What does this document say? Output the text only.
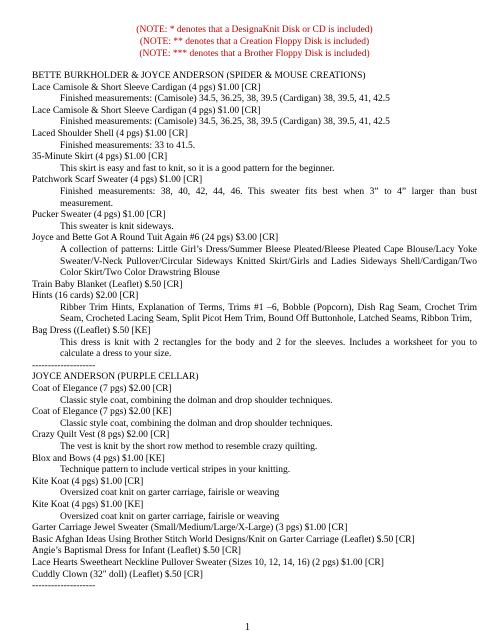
(NOTE: * denotes that a DesignaKnit Disk or CD is included)
(NOTE: ** denotes that a Creation Floppy Disk is included)
(NOTE: *** denotes that a Brother Floppy Disk is included)
BETTE BURKHOLDER & JOYCE ANDERSON (SPIDER & MOUSE CREATIONS)
Lace Camisole & Short Sleeve Cardigan (4 pgs) $1.00 [CR]
Finished measurements: (Camisole) 34.5, 36.25, 38, 39.5 (Cardigan) 38, 39.5, 41, 42.5
Lace Camisole & Short Sleeve Cardigan (4 pgs) $1.00 [CR]
Finished measurements: (Camisole) 34.5, 36.25, 38, 39.5 (Cardigan) 38, 39.5, 41, 42.5
Laced Shoulder Shell (4 pgs) $1.00 [CR]
Finished measurements: 33 to 41.5.
35-Minute Skirt (4 pgs) $1.00 [CR]
This skirt is easy and fast to knit, so it is a good pattern for the beginner.
Patchwork Scarf Sweater (4 pgs) $1.00 [CR]
Finished measurements: 38, 40, 42, 44, 46. This sweater fits best when 3” to 4” larger than bust measurement.
Pucker Sweater (4 pgs) $1.00 [CR]
This sweater is knit sideways.
Joyce and Bette Got A Round Tuit Again #6 (24 pgs) $3.00 [CR]
A collection of patterns: Little Girl’s Dress/Summer Bleese Pleated/Bleese Pleated Cape Blouse/Lacy Yoke Sweater/V-Neck Pullover/Circular Sideways Knitted Skirt/Girls and Ladies Sideways Shell/Cardigan/Two Color Skirt/Two Color Drawstring Blouse
Train Baby Blanket (Leaflet) $.50 [CR]
Hints (16 cards) $2.00 [CR]
Ribber Trim Hints, Explanation of Terms, Trims #1 –6, Bobble (Popcorn), Dish Rag Seam, Crochet Trim Seam, Crocheted Lacing Seam, Split Picot Hem Trim, Bound Off Buttonhole, Latched Seams, Ribbon Trim,
Bag Dress ((Leaflet) $.50 [KE]
This dress is knit with 2 rectangles for the body and 2 for the sleeves. Includes a worksheet for you to calculate a dress to your size.
--------------------
JOYCE ANDERSON (PURPLE CELLAR)
Coat of Elegance (7 pgs) $2.00 [CR]
Classic style coat, combining the dolman and drop shoulder techniques.
Coat of Elegance (7 pgs) $2.00 [KE]
Classic style coat, combining the dolman and drop shoulder techniques.
Crazy Quilt Vest (8 pgs) $2.00 [CR]
The vest is knit by the short row method to resemble crazy quilting.
Blox and Bows (4 pgs) $1.00 [KE]
Technique pattern to include vertical stripes in your knitting.
Kite Koat (4 pgs) $1.00 [CR]
Oversized coat knit on garter carriage, fairisle or weaving
Kite Koat (4 pgs) $1.00 [KE]
Oversized coat knit on garter carriage, fairisle or weaving
Garter Carriage Jewel Sweater (Small/Medium/Large/X-Large) (3 pgs) $1.00 [CR]
Basic Afghan Ideas Using Brother Stitch World Designs/Knit on Garter Carriage (Leaflet) $.50 [CR]
Angie’s Baptismal Dress for Infant (Leaflet) $.50 [CR]
Lace Hearts Sweetheart Neckline Pullover Sweater (Sizes 10, 12, 14, 16) (2 pgs) $1.00 [CR]
Cuddly Clown (32" doll) (Leaflet) $.50 [CR]
--------------------
1
